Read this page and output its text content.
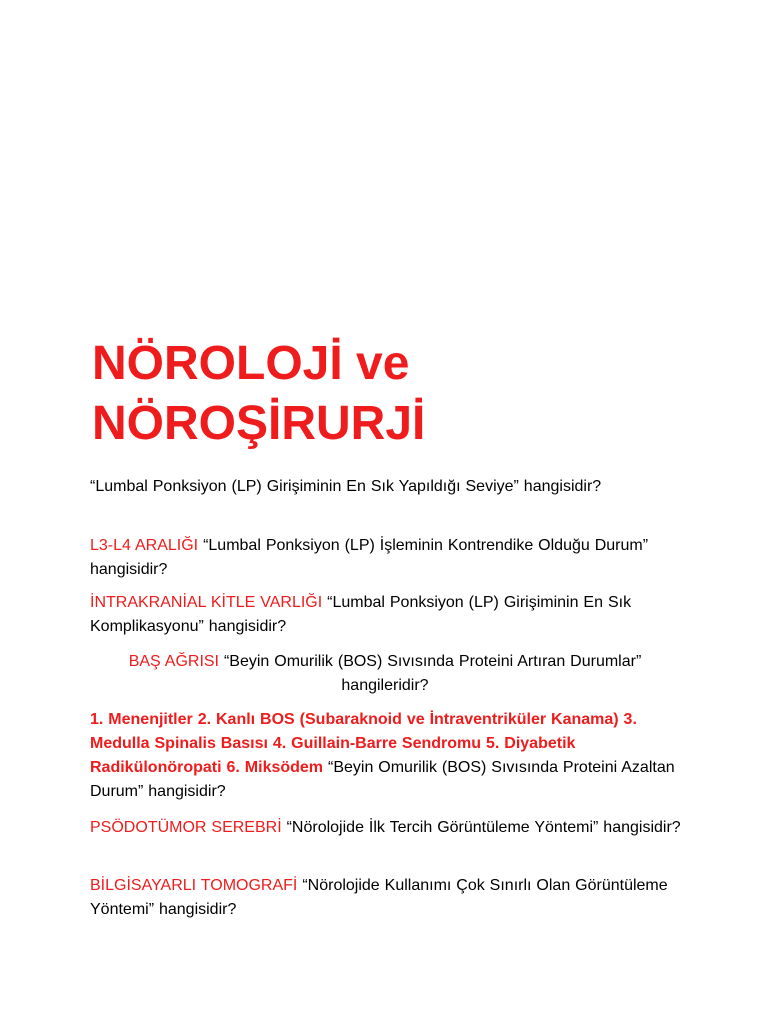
NÖROLOJİ ve
NÖROŞİRURJİ

“Lumbal Ponksiyon (LP) Girişiminin En Sık Yapıldığı Seviye” hangisidir?

L3-L4 ARALIĞI “Lumbal Ponksiyon (LP) İşleminin Kontrendike Olduğu Durum” hangisidir?

İNTRAKRANİAL KİTLE VARLIĞI “Lumbal Ponksiyon (LP) Girişiminin En Sık Komplikasyonu” hangisidir?

BAŞ AĞRISI “Beyin Omurilik (BOS) Sıvısında Proteini Artıran Durumlar” hangileridir?

1. Menenjitler 2. Kanlı BOS (Subaraknoid ve İntraventriküler Kanama) 3. Medulla Spinalis Basısı 4. Guillain-Barre Sendromu 5. Diyabetik Radikülonöropati 6. Miksödem “Beyin Omurilik (BOS) Sıvısında Proteini Azaltan Durum” hangisidir?

PSÖDOTÜMOR SEREBRİ “Nörolojide İlk Tercih Görüntüleme Yöntemi” hangisidir?

BİLGİSAYARLI TOMOGRAFİ “Nörolojide Kullanımı Çok Sınırlı Olan Görüntüleme Yöntemi” hangisidir?
